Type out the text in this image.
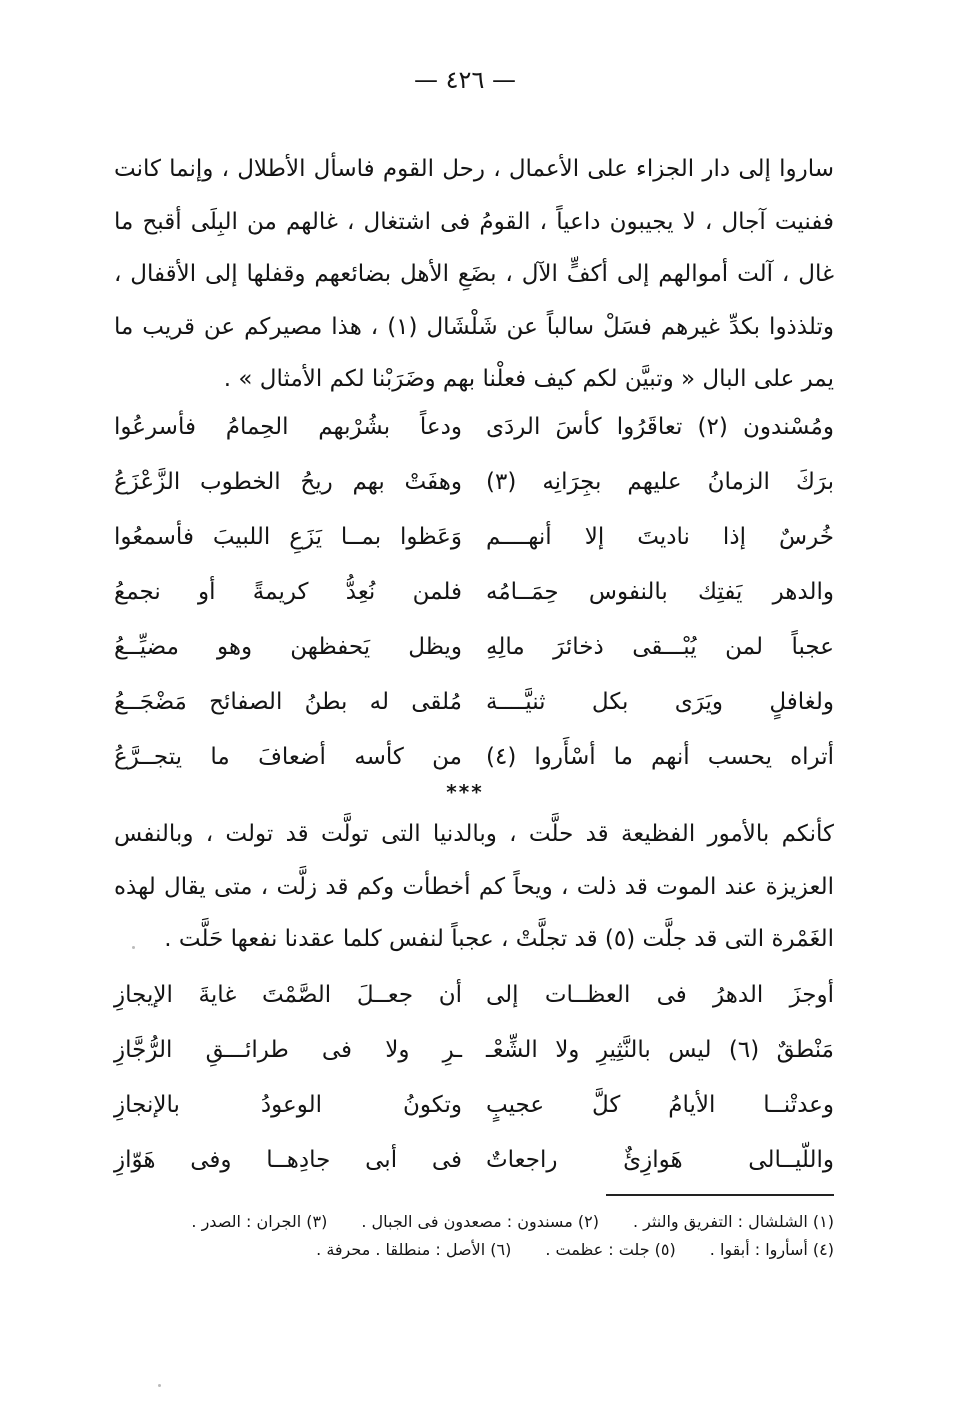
— ٤٢٦ —

ساروا إلى دار الجزاء على الأعمال ، رحل القوم فاسأل الأطلال ، وإنما كانت ففنيت آجال ، لا يجيبون داعياً ، القومُ فى اشتغال ، غالهم من البِلَى أقبح ما غال ، آلت أموالهم إلى أكفٍّ الآل ، بضَعِ الأهل بضائعهم وقفلها إلى الأقفال ، وتلذذوا بكدِّ غيرهم فسَلْ سالباً عن شَلْشَال (١) ، هذا مصيركم عن قريب ما يمر على البال « وتبيَّن لكم كيف فعلْنا بهم وضَرَبْنا لكم الأمثال » .

ومُسْندون (٢) تعاقَرُوا كأسَ الردَى
ودعاً بشُرْبهم الحِمامُ فأسرعُوا
برَكَ الزمانُ عليهم بجِرَانِه (٣)
وهفَتْ بهم ريحُ الخطوب الزَّعْزَعُ
خُرسٌ إذا ناديتَ إلا أنهــــم
وَعَظوا بمــا يَزَعِ اللبيبَ فأسمعُوا
والدهر يَفتِك بالنفوس حِمَــامُه
فلمن نُعِدُّ كريمةً أو نجمعُ
عجباً لمن يُبْـــقى ذخائرَ مالِهِ
ويظل يَحفظهن وهو مضيِّــعُ
ولغافلٍ ويَرَى بكل ثنيَّــــة
مُلقى له بطنُ الصفائح مَضْجَــعُ
أتراه يحسب أنهم ما أسْأَروا (٤)
من كأسه أضعافَ ما يتجــرَّعُ
***

كأنكم بالأمور الفظيعة قد حلَّت ، وبالدنيا التى تولَّت قد تولت ، وبالنفس العزيزة عند الموت قد ذلت ، ويحاً كم أخطأت وكم قد زلَّت ، متى يقال لهذه الغَمْرة التى قد جلَّت (٥) قد تجلَّتْ ، عجباً لنفس كلما عقدنا نفعها حَلَّت .

أوجزَ الدهرُ فى العظــات إلى
أن جعــلَ الصَّمْتَ غايةَ الإيجازِ
مَنْطقٌ (٦) ليس بالنَّثِيرِ ولا الشِّعْـ
ـرِ ولا فى طرائـــقِ الرُّجَّازِ
وعدتْنــا الأيامُ كلَّ عجيبٍ
وتكونُ الوعودُ بالإنجازِ
واللّيــالى هَوازِئٌ راجعاتٌ
فى أبى جادِهــا وفى هَوّازِ
(١) الشلشال : التفريق والنثر .
(٢) مسندون : مصعدون فى الجبال .
(٣) الجران : الصدر .
(٤) أسأروا : أبقوا .
(٥) جلت : عظمت .
(٦) الأصل : منطلقا . محرفة .
